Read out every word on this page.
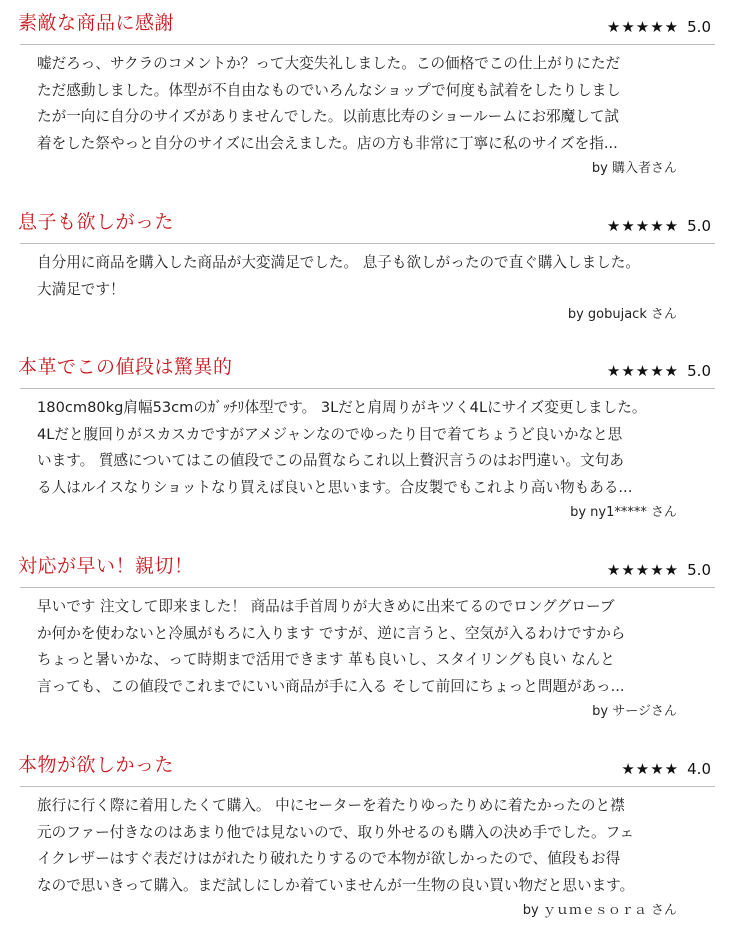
素敵な商品に感謝	★★★★★ 5.0
嘘だろっ、サクラのコメントか？って大変失礼しました。この価格でこの仕上がりにただ
ただ感動しました。体型が不自由なものでいろんなショップで何度も試着をしたりしまし
たが一向に自分のサイズがありませんでした。以前恵比寿のショールームにお邪魔して試
着をした祭やっと自分のサイズに出会えました。店の方も非常に丁寧に私のサイズを指...
by 購入者さん
息子も欲しがった	★★★★★ 5.0
自分用に商品を購入した商品が大変満足でした。 息子も欲しがったので直ぐ購入しました。
大満足です！
by gobujack さん
本革でこの値段は驚異的	★★★★★ 5.0
180cm80kg肩幅53cmのｶﾞｯﾁﾘ体型です。 3Lだと肩周りがキツく4Lにサイズ変更しました。
4Lだと腹回りがスカスカですがアメジャンなのでゆったり目で着てちょうど良いかなと思
います。 質感についてはこの値段でこの品質ならこれ以上贅沢言うのはお門違い。文句あ
る人はルイスなりショットなり買えば良いと思います。合皮製でもこれより高い物もある...
by ny1***** さん
対応が早い！親切！	★★★★★ 5.0
早いです 注文して即来ました！ 商品は手首周りが大きめに出来てるのでロンググローブ
か何かを使わないと冷風がもろに入ります ですが、逆に言うと、空気が入るわけですから
ちょっと暑いかな、って時期まで活用できます 革も良いし、スタイリングも良い なんと
言っても、この値段でこれまでにいい商品が手に入る そして前回にちょっと問題があっ...
by サージさん
本物が欲しかった	★★★★ 4.0
旅行に行く際に着用したくて購入。 中にセーターを着たりゆったりめに着たかったのと襟
元のファー付きなのはあまり他では見ないので、取り外せるのも購入の決め手でした。フェ
イクレザーはすぐ表だけはがれたり破れたりするので本物が欲しかったので、値段もお得
なので思いきって購入。まだ試しにしか着ていませんが一生物の良い買い物だと思います。
by ｙｕｍｅｓｏｒａ さん
